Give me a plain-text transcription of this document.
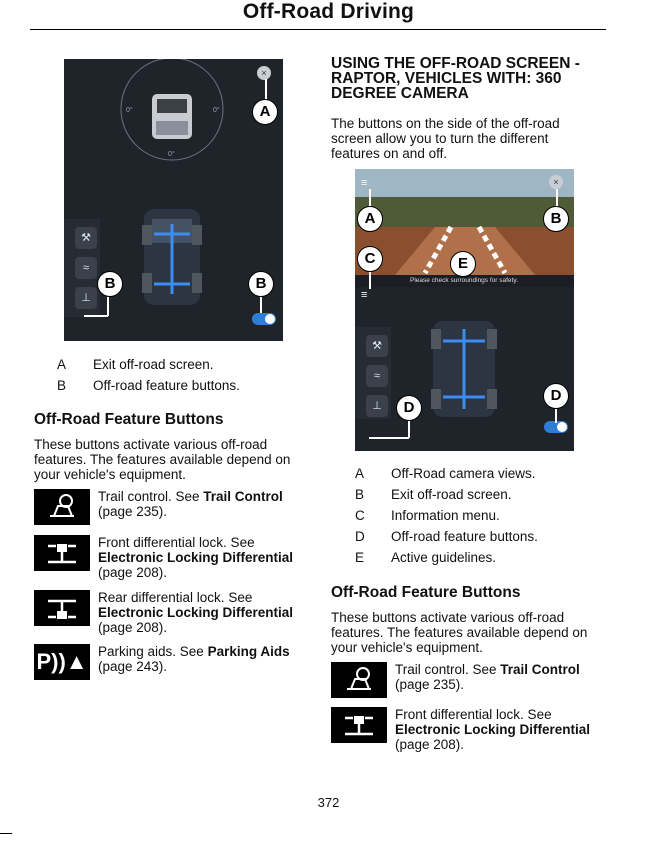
Off-Road Driving
0°	0°
0°
×
⚒
≈
⊥
A
B	B
A	Exit off-road screen.
B	Off-road feature buttons.
Off-Road Feature Buttons

These buttons activate various off-road features. The features available depend on your vehicle's equipment.

Trail control. See Trail Control (page 235).
Front differential lock. See Electronic Locking Differential (page 208).
Rear differential lock. See Electronic Locking Differential (page 208).
P))▲ Parking aids. See Parking Aids (page 243).
USING THE OFF-ROAD SCREEN - RAPTOR, VEHICLES WITH: 360 DEGREE CAMERA

The buttons on the side of the off-road screen allow you to turn the different features on and off.

Please check surroundings for safety.
≡
≡
×
⚒
≈
⊥
A	B
C	E
D
D
A	Off-Road camera views.
B	Exit off-road screen.
C	Information menu.
D	Off-road feature buttons.
E	Active guidelines.
Off-Road Feature Buttons

These buttons activate various off-road features. The features available depend on your vehicle's equipment.

Trail control. See Trail Control (page 235).
Front differential lock. See Electronic Locking Differential (page 208).
372
